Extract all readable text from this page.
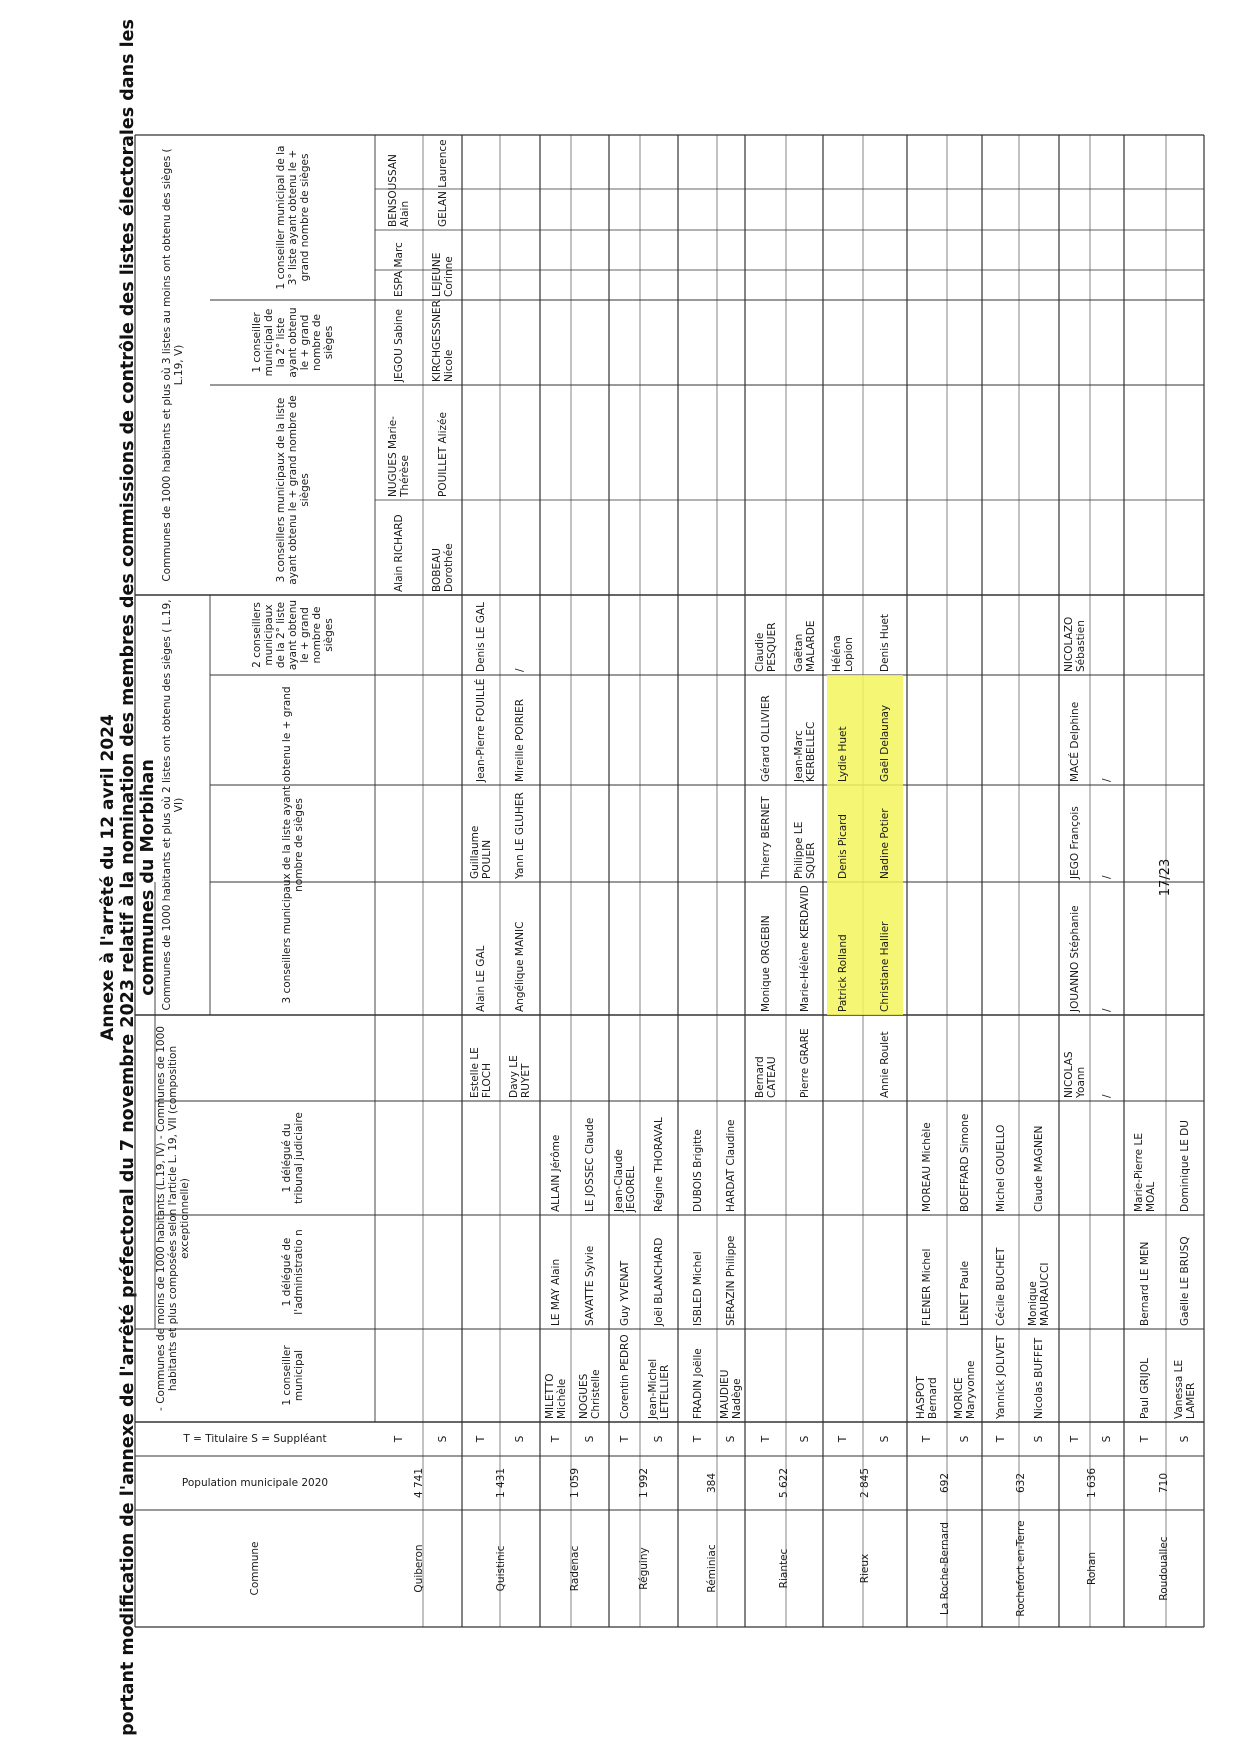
Annexe à l'arrêté du 12 avril 2024 portant modification de l'annexe de l'arrêté préfectoral du 7 novembre 2023 relatif à la nomination des membres des commissions de contrôle des listes électorales dans les communes du Morbihan
Commune
Population municipale 2020
T = Titulaire S = Suppléant
- Communes de moins de 1000 habitants (L.19, IV) - Communes de 1000 habitants et plus composées selon l'article L. 19, VII (composition exceptionnelle)
1 conseiller municipal
1 délégué de l'administratio n
1 délégué du tribunal judiciaire
Communes de 1000 habitants et plus où 2 listes ont obtenu des sièges ( L.19, VI)	3 conseillers municipaux de la liste ayant obtenu le + grand nombre de sièges
2 conseillers municipaux de la 2° liste ayant obtenu le + grand nombre de sièges
Communes de 1000 habitants et plus où 3 listes au moins ont obtenu des sièges ( L.19, V)
3 conseillers municipaux de la liste ayant obtenu le + grand nombre de sièges
1 conseiller municipal de la 2° liste ayant obtenu le + grand nombre de sièges
1 conseiller municipal de la 3° liste ayant obtenu le + grand nombre de sièges
Quiberon
4 741
T
Alain RICHARD
NUGUES Marie-Thérèse
JEGOU Sabine
ESPA Marc
BENSOUSSAN Alain
S
BOBEAU Dorothée
POUILLET Alizée
KIRCHGESSNER Nicole
LEJEUNE Corinne
GELAN Laurence
Quistinic
1 431
T
Estelle LE FLOCH
Alain LE GAL
Guillaume POULIN
Jean-Pierre FOUILLÉ
Denis LE GAL
S
Davy LE RUYET
Angélique MANIC
Yann LE GLUHER
Mireille POIRIER
/
Radenac
1 059
T
MILETTO Michèle
LE MAY Alain
ALLAIN Jérôme
S
NOGUES Christelle
SAVATTE Sylvie
LE JOSSEC Claude
Réguiny
1 992
T
Corentin PEDRO
Guy YVENAT
Jean-Claude JEGOREL
S
Jean-Michel LETELLIER
Joël BLANCHARD
Régine THORAVAL
Réminiac
384
T
FRADIN Joëlle
ISBLED Michel
DUBOIS Brigitte
S
MAUDIEU Nadège
SERAZIN Philippe
HARDAT Claudine
Riantec
5 622
T
Bernard CATEAU
Monique ORGEBIN
Thierry BERNET
Gérard OLLIVIER
Claudie PESQUER
S
Pierre GRARE
Marie-Hélène KERDAVID
Philippe LE SQUER
Jean-Marc KERBELLEC
Gaëtan MALARDE
Rieux
2 845
T
Patrick Rolland
Denis Picard
Lydie Huet
Héléna Lopion
S
Annie Roulet
Christiane Hallier
Nadine Potier
Gaël Delaunay
Denis Huet
La Roche-Bernard
692
T
HASPOT Bernard
FLENER Michel
MOREAU Michèle
S
MORICE Maryvonne
LENET Paule
BOEFFARD Simone
Rochefort-en-Terre
632
T
Yannick JOLIVET
Cécile BUCHET
Michel GOUELLO
S
Nicolas BUFFET
Monique MAURAUCCI
Claude MAGNEN
Rohan
1 636
T
NICOLAS Yoann
JOUANNO Stéphanie
JEGO François
MACÉ Delphine
NICOLAZO Sébastien
S
/
/
/
/
Roudouallec
710
T
Paul GRIJOL
Bernard LE MEN
Marie-Pierre LE MOAL
S
Vanessa LE LAMER
Gaëlle LE BRUSQ
Dominique LE DU
17/23
